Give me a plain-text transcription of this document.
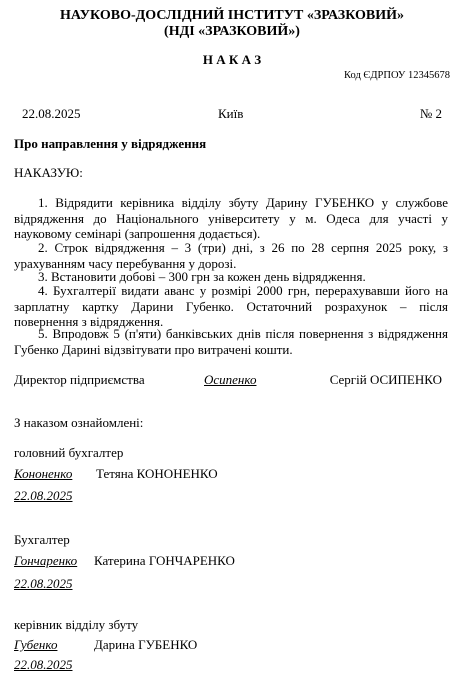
НАУКОВО-ДОСЛІДНИЙ ІНСТИТУТ «ЗРАЗКОВИЙ»
(НДІ «ЗРАЗКОВИЙ»)
Н А К А З
Код ЄДРПОУ 12345678
22.08.2025	Київ	№ 2
Про направлення у відрядження
НАКАЗУЮ:
1. Відрядити керівника відділу збуту Дарину ГУБЕНКО у службове відрядження до Національного університету у м. Одеса для участі у науковому семінарі (запрошення додається).
2. Строк відрядження – 3 (три) дні, з 26 по 28 серпня 2025 року, з урахуванням часу перебування у дорозі.
3. Встановити добові – 300 грн за кожен день відрядження.
4. Бухгалтерії видати аванс у розмірі 2000 грн, перерахувавши його на зарплатну картку Дарини Губенко. Остаточний розрахунок – після повернення з відрядження.
5. Впродовж 5 (п'яти) банківських днів після повернення з відрядження Губенко Дарині відзвітувати про витрачені кошти.
Директор підприємства	Осипенко	Сергій ОСИПЕНКО
З наказом ознайомлені:
головний бухгалтер
Кононенко Тетяна КОНОНЕНКО
22.08.2025
Бухгалтер
Гончаренко Катерина ГОНЧАРЕНКО
22.08.2025
керівник відділу збуту
Губенко	Дарина ГУБЕНКО
22.08.2025
